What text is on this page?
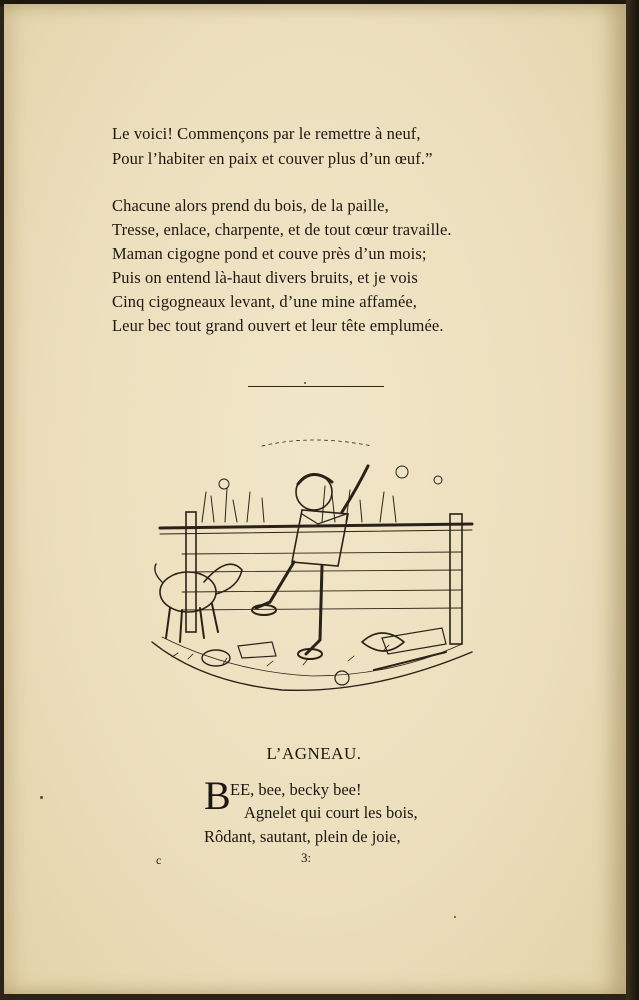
Le voici! Commençons par le remettre à neuf,

Pour l’habiter en paix et couver plus d’un œuf.”

Chacune alors prend du bois, de la paille,

Tresse, enlace, charpente, et de tout cœur travaille.

Maman cigogne pond et couve près d’un mois;

Puis on entend là-haut divers bruits, et je vois

Cinq cigogneaux levant, d’une mine affamée,

Leur bec tout grand ouvert et leur tête emplumée.

L’AGNEAU.
B EE, bee, becky bee!
Agnelet qui court les bois,
Rôdant, sautant, plein de joie,
c	3:
